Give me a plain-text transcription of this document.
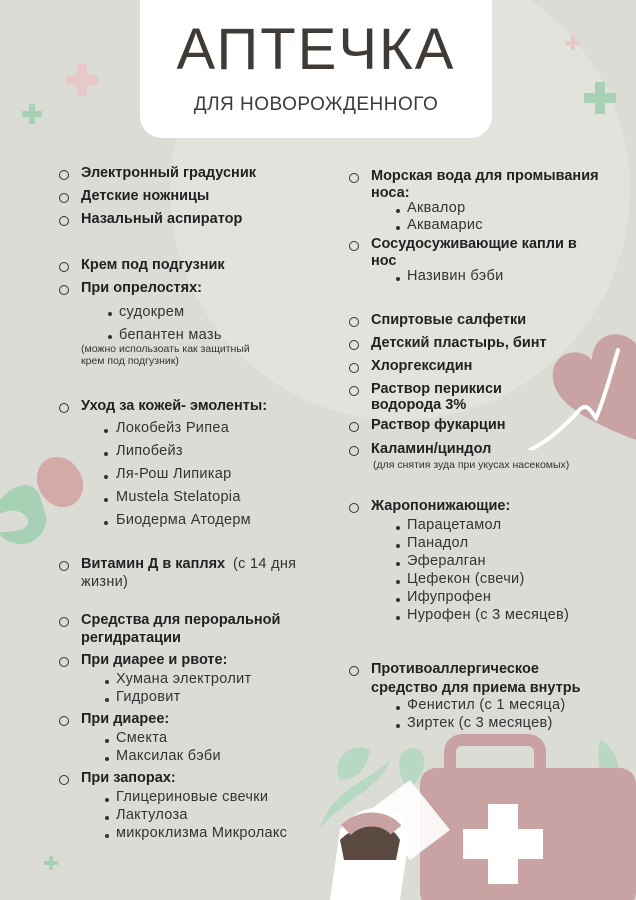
АПТЕЧКА
ДЛЯ НОВОРОЖДЕННОГО
Электронный градусник
Детские ножницы
Назальный аспиратор
Крем под подгузник
При опрелостях:
судокрем
бепантен мазь
(можно использоать как защитный
крем под подгузник)
Уход за кожей- эмоленты:
Локобейз Рипеа
Липобейз
Ля-Рош Липикар
Mustela Stelatopia
Биодерма Атодерм
Витамин Д в каплях (с 14 дня
жизни)
Средства для пероральной
регидратации
При диарее и рвоте:
Хумана электролит
Гидровит
При диарее:
Смекта
Максилак бэби
При запорах:
Глицериновые свечки
Лактулоза
микроклизма Микролакс
Морская вода для промывания
носа:
Аквалор
Аквамарис
Сосудосуживающие капли в
нос
Називин бэби
Спиртовые салфетки
Детский пластырь, бинт
Хлоргексидин
Раствор перикиси
водорода 3%
Раствор фукарцин
Каламин/циндол
(для снятия зуда при укусах насекомых)
Жаропонижающие:
Парацетамол
Панадол
Эфералган
Цефекон (свечи)
Ифупрофен
Нурофен (с 3 месяцев)
Противоаллергическое
средство для приема внутрь
Фенистил (с 1 месяца)
Зиртек (с 3 месяцев)
